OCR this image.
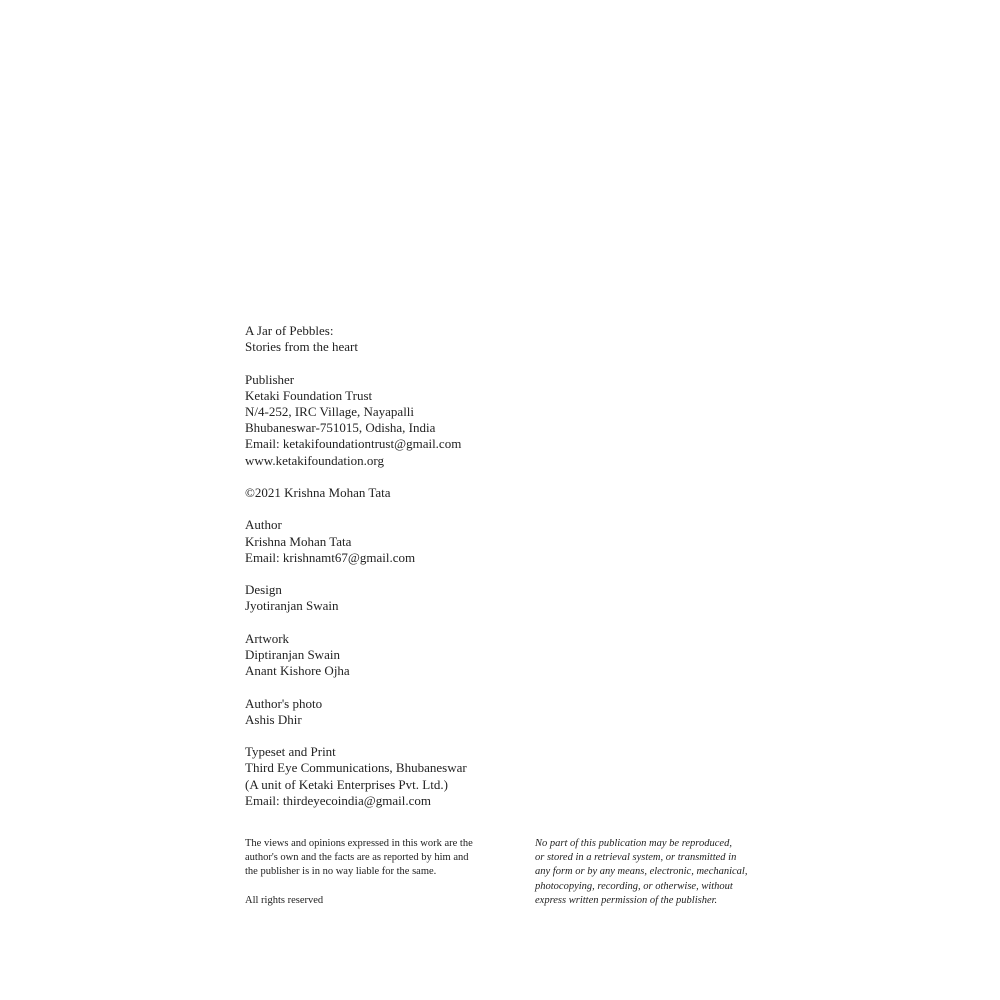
A Jar of Pebbles:
Stories from the heart
Publisher
Ketaki Foundation Trust
N/4-252, IRC Village, Nayapalli
Bhubaneswar-751015, Odisha, India
Email: ketakifoundationtrust@gmail.com
www.ketakifoundation.org
©2021 Krishna Mohan Tata
Author
Krishna Mohan Tata
Email: krishnamt67@gmail.com
Design
Jyotiranjan Swain
Artwork
Diptiranjan Swain
Anant Kishore Ojha
Author's photo
Ashis Dhir
Typeset and Print
Third Eye Communications, Bhubaneswar
(A unit of Ketaki Enterprises Pvt. Ltd.)
Email: thirdeyecoindia@gmail.com
The views and opinions expressed in this work are the
author's own and the facts are as reported by him and
the publisher is in no way liable for the same.
All rights reserved
No part of this publication may be reproduced,
or stored in a retrieval system, or transmitted in
any form or by any means, electronic, mechanical,
photocopying, recording, or otherwise, without
express written permission of the publisher.
